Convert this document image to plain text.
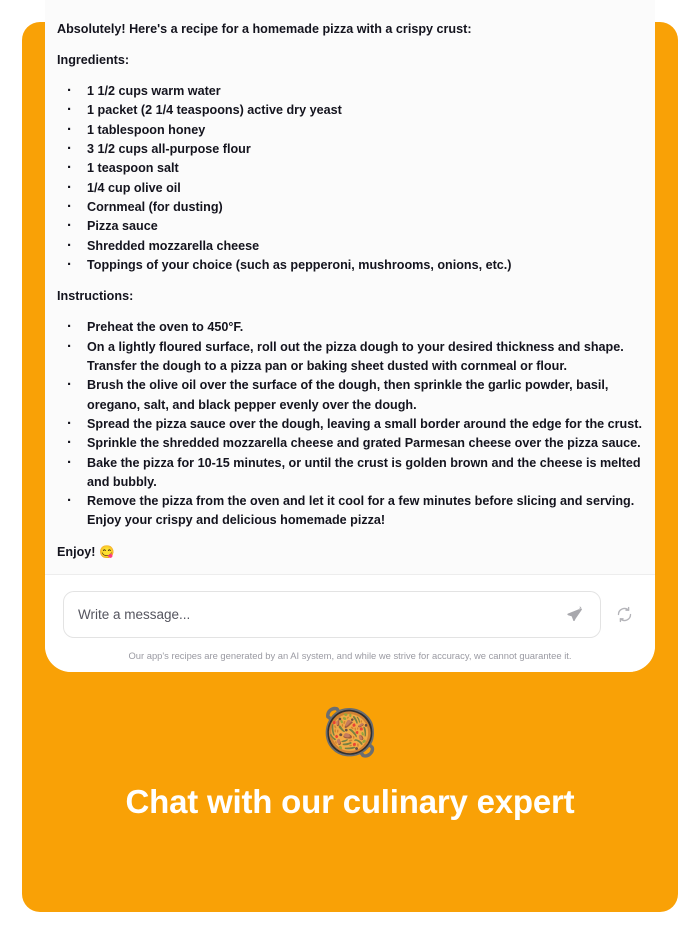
🥘
Chat with our culinary expert

Absolutely! Here's a recipe for a homemade pizza with a crispy crust:

Ingredients:

· 1 1/2 cups warm water
· 1 packet (2 1/4 teaspoons) active dry yeast
· 1 tablespoon honey
· 3 1/2 cups all-purpose flour
· 1 teaspoon salt
· 1/4 cup olive oil
· Cornmeal (for dusting)
· Pizza sauce
· Shredded mozzarella cheese
· Toppings of your choice (such as pepperoni, mushrooms, onions, etc.)

Instructions:

· Preheat the oven to 450°F.
· On a lightly floured surface, roll out the pizza dough to your desired thickness and shape. Transfer the dough to a pizza pan or baking sheet dusted with cornmeal or flour.
· Brush the olive oil over the surface of the dough, then sprinkle the garlic powder, basil, oregano, salt, and black pepper evenly over the dough.
· Spread the pizza sauce over the dough, leaving a small border around the edge for the crust.
· Sprinkle the shredded mozzarella cheese and grated Parmesan cheese over the pizza sauce.
· Bake the pizza for 10-15 minutes, or until the crust is golden brown and the cheese is melted and bubbly.
· Remove the pizza from the oven and let it cool for a few minutes before slicing and serving. Enjoy your crispy and delicious homemade pizza!

Enjoy! 😋

Write a message...
Our app's recipes are generated by an AI system, and while we strive for accuracy, we cannot guarantee it.
